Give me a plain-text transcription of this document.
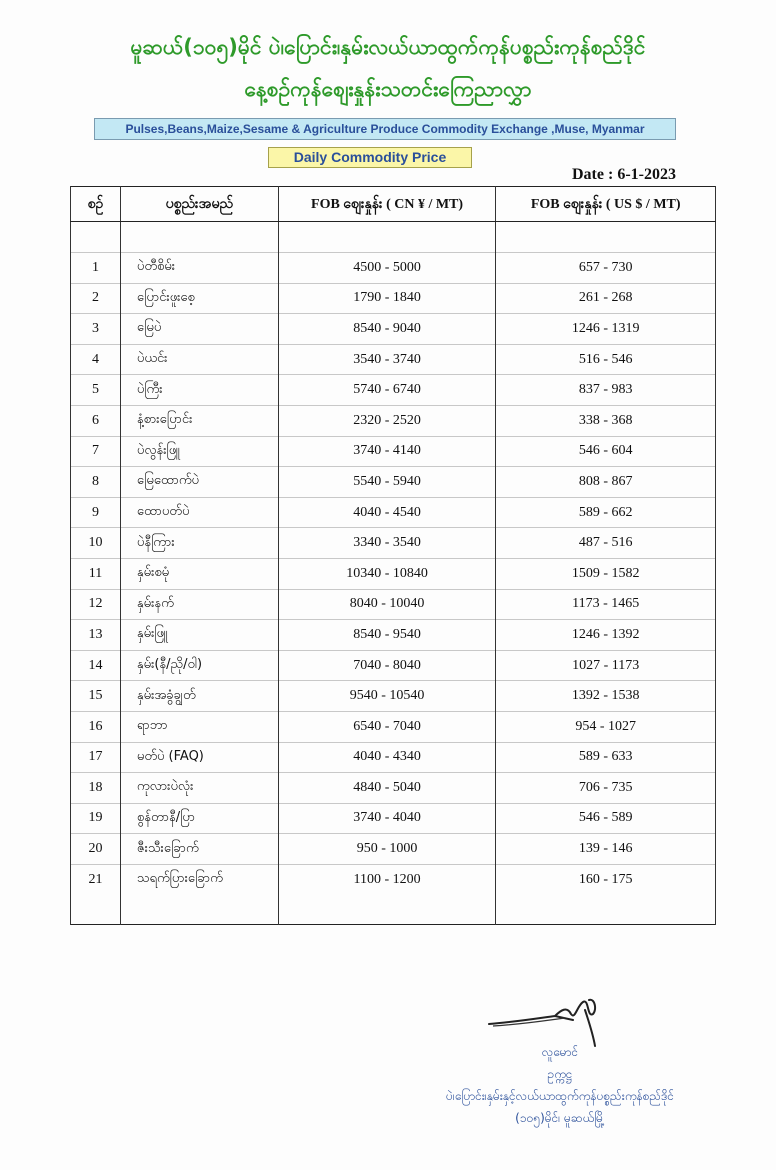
မူဆယ်(၁၀၅)မိုင် ပဲ၊ပြောင်း၊နှမ်းလယ်ယာထွက်ကုန်ပစ္စည်းကုန်စည်ဒိုင်
နေ့စဉ်ကုန်စျေးနှုန်းသတင်းကြေညာလွှာ
Pulses,Beans,Maize,Sesame & Agriculture Produce Commodity Exchange ,Muse, Myanmar
Daily Commodity Price
Date : 6-1-2023
စဉ်	ပစ္စည်းအမည်	FOB စျေးနှုန်း ( CN ¥ / MT)	FOB စျေးနှုန်း ( US $ / MT)

1	ပဲတီစိမ်း	4500 - 5000	657 - 730
2	ပြောင်းဖူးစေ့	1790 - 1840	261 - 268
3	မြေပဲ	8540 - 9040	1246 - 1319
4	ပဲယင်း	3540 - 3740	516 - 546
5	ပဲကြီး	5740 - 6740	837 - 983
6	နံ့စားပြောင်း	2320 - 2520	338 - 368
7	ပဲလွန်းဖြူ	3740 - 4140	546 - 604
8	မြေထောက်ပဲ	5540 - 5940	808 - 867
9	ထောပတ်ပဲ	4040 - 4540	589 - 662
10	ပဲနီကြား	3340 - 3540	487 - 516
11	နှမ်းစမုံ	10340 - 10840	1509 - 1582
12	နှမ်းနက်	8040 - 10040	1173 - 1465
13	နှမ်းဖြူ	8540 - 9540	1246 - 1392
14	နှမ်း(နီ/ညို/ဝါ)	7040 - 8040	1027 - 1173
15	နှမ်းအခွံချွတ်	9540 - 10540	1392 - 1538
16	ရာဘာ	6540 - 7040	954 - 1027
17	မတ်ပဲ (FAQ)	4040 - 4340	589 - 633
18	ကုလားပဲလုံး	4840 - 5040	706 - 735
19	စွန်တာနီ/ပြာ	3740 - 4040	546 - 589
20	ဇီးသီးခြောက်	950 - 1000	139 - 146
21	သရက်ပြားခြောက်	1100 - 1200	160 - 175

လူမောင်
ဥက္ကဋ္ဌ
ပဲ၊ပြောင်း၊နှမ်းနှင့်လယ်ယာထွက်ကုန်ပစ္စည်းကုန်စည်ဒိုင်
(၁၀၅)မိုင်၊ မူဆယ်မြို့
